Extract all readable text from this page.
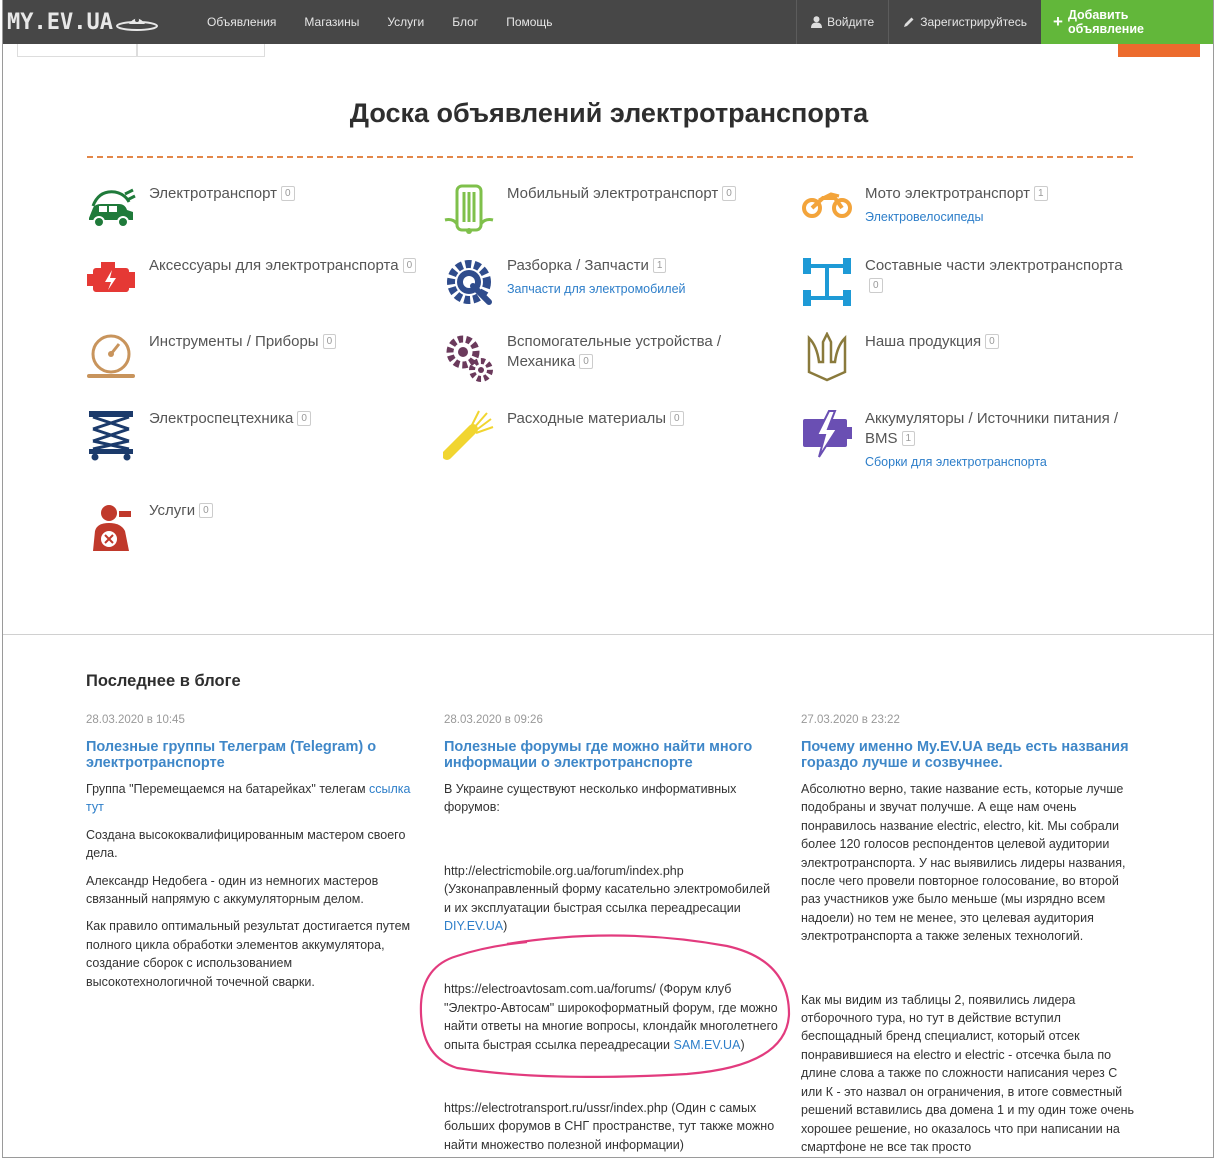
MY.EV.UA	Объявления	Магазины	Услуги	Блог	Помощь	Войдите	Зарегистрируйтесь + Добавить объявление
Доска объявлений электротранспорта
Электротранспорт 0	Мобильный электротранспорт 0	Мото электротранспорт 1
Электровелосипеды
Аксессуары для электротранспорта 0	Разборка / Запчасти 1
Запчасти для электромобилей
Составные части электротранспорта0
Инструменты / Приборы 0	Вспомогательные устройства / Механика 0
Наша продукция 0
Электроспецтехника 0	Расходные материалы 0	Аккумуляторы / Источники питания / BMS 1
Сборки для электротранспорта
Услуги 0
Последнее в блоге
28.03.2020 в 10:45
Полезные группы Телеграм (Telegram) о электротранспорте

Группа "Перемещаемся на батарейках" телегам ссылка тут

Создана высококвалифицированным мастером своего дела.

Александр Недобега - один из немногих мастеров связанный напрямую с аккумуляторным делом.

Как правило оптимальный результат достигается путем полного цикла обработки элементов аккумулятора, создание сборок с использованием высокотехнологичной точечной сварки.

28.03.2020 в 09:26
Полезные форумы где можно найти много информации о электротранспорте

В Украине существуют несколько информативных форумов:

http://electricmobile.org.ua/forum/index.php (Узконаправленный форму касательно электромобилей и их эксплуатации быстрая ссылка переадресации DIY.EV.UA)

https://electroavtosam.com.ua/forums/ (Форум клуб "Электро-Автосам" широкоформатный форум, где можно найти ответы на многие вопросы, клондайк многолетнего опыта быстрая ссылка переадресации SAM.EV.UA)

https://electrotransport.ru/ussr/index.php (Один с самых больших форумов в СНГ пространстве, тут также можно найти множество полезной информации)

27.03.2020 в 23:22
Почему именно My.EV.UA ведь есть названия гораздо лучше и созвучнее.

Абсолютно верно, такие название есть, которые лучше подобраны и звучат получше. А еще нам очень понравилось название electric, electro, kit. Мы собрали более 120 голосов респондентов целевой аудитории электротранспорта. У нас выявились лидеры названия, после чего провели повторное голосование, во второй раз участников уже было меньше (мы изрядно всем надоели) но тем не менее, это целевая аудитория электротранспорта а также зеленых технологий.

Как мы видим из таблицы 2, появились лидера отборочного тура, но тут в действие вступил беспощадный бренд специалист, который отсек понравившиеся на electro и electric - отсечка была по длине слова а также по сложности написания через С или К - это назвал он ограничения, в итоге совместный решений вставились два домена 1 и my один тоже очень хорошее решение, но оказалось что при написании на смартфоне не все так просто
